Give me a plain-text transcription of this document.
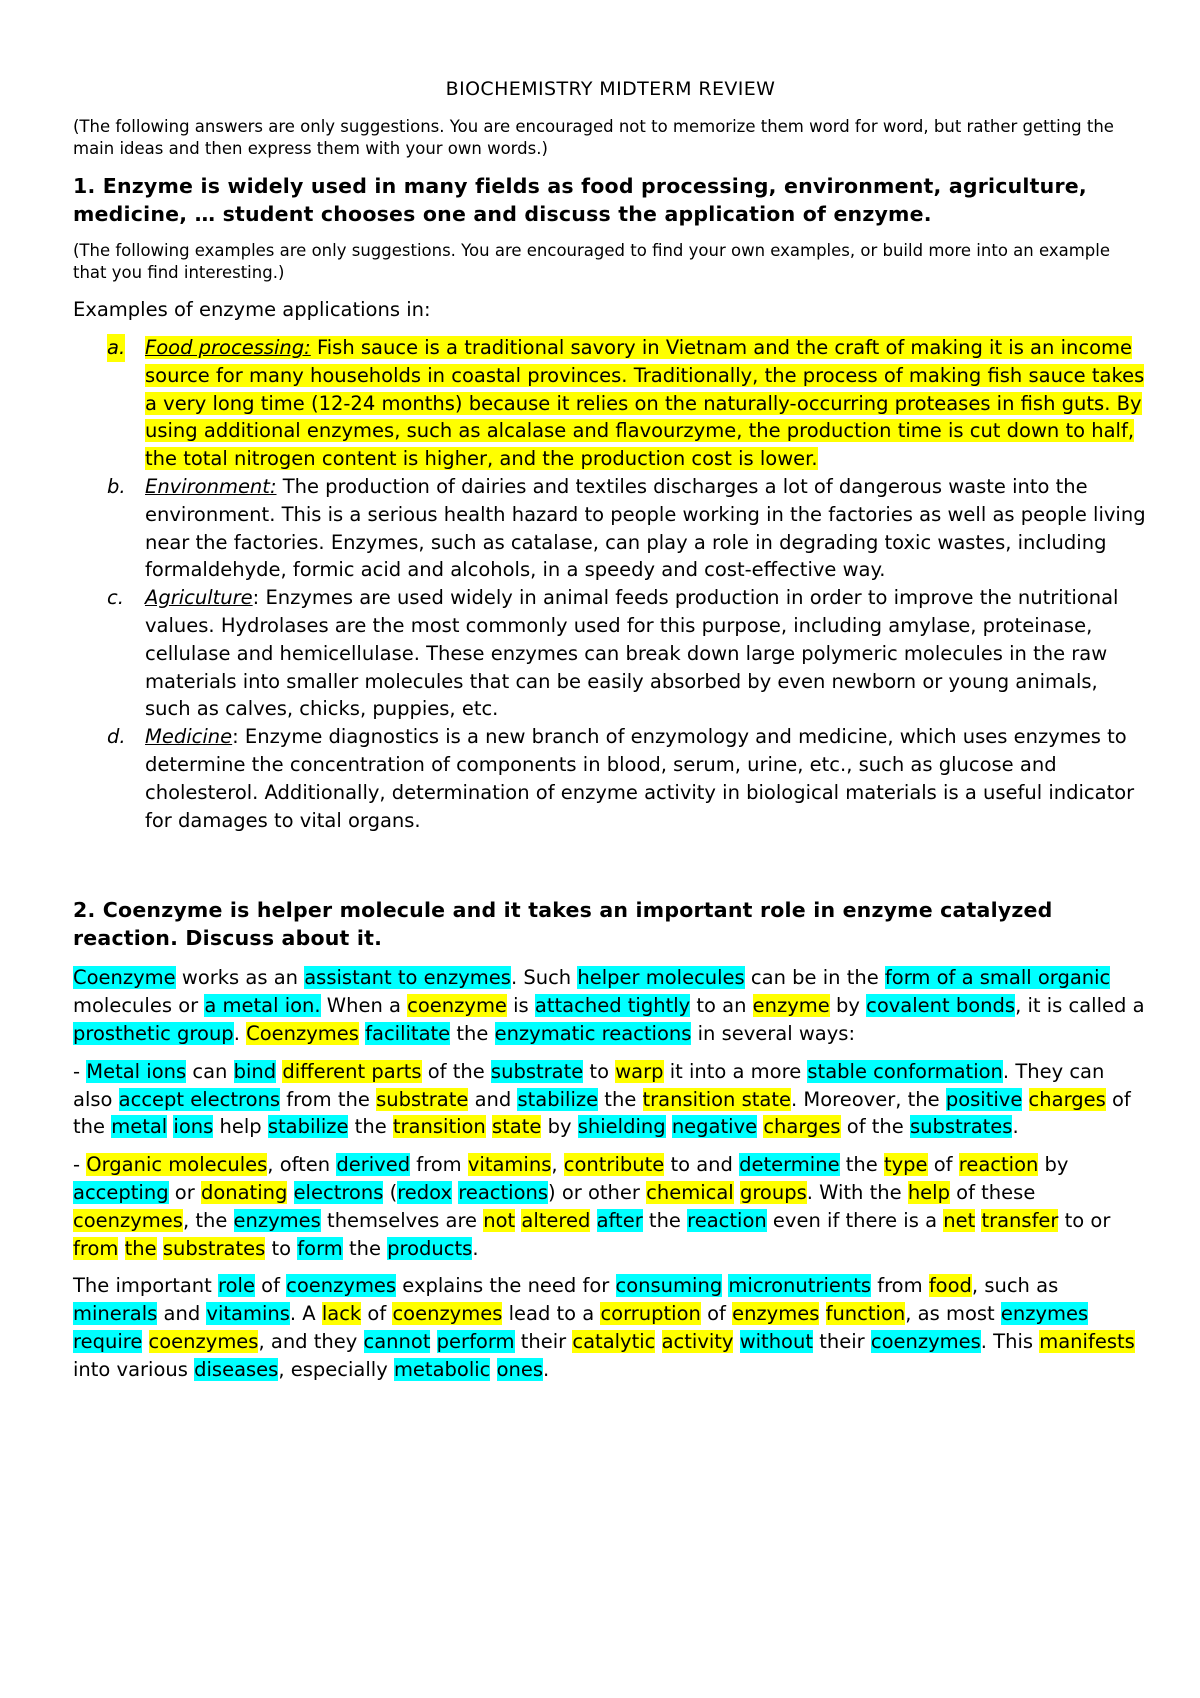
BIOCHEMISTRY MIDTERM REVIEW
(The following answers are only suggestions. You are encouraged not to memorize them word for word, but rather getting the main ideas and then express them with your own words.)
1. Enzyme is widely used in many fields as food processing, environment, agriculture, medicine, … student chooses one and discuss the application of enzyme.
(The following examples are only suggestions. You are encouraged to find your own examples, or build more into an example that you find interesting.)
Examples of enzyme applications in:
a. Food processing: Fish sauce is a traditional savory in Vietnam and the craft of making it is an income source for many households in coastal provinces. Traditionally, the process of making fish sauce takes a very long time (12-24 months) because it relies on the naturally-occurring proteases in fish guts. By using additional enzymes, such as alcalase and flavourzyme, the production time is cut down to half, the total nitrogen content is higher, and the production cost is lower.
b. Environment: The production of dairies and textiles discharges a lot of dangerous waste into the environment. This is a serious health hazard to people working in the factories as well as people living near the factories. Enzymes, such as catalase, can play a role in degrading toxic wastes, including formaldehyde, formic acid and alcohols, in a speedy and cost-effective way.
c. Agriculture: Enzymes are used widely in animal feeds production in order to improve the nutritional values. Hydrolases are the most commonly used for this purpose, including amylase, proteinase, cellulase and hemicellulase. These enzymes can break down large polymeric molecules in the raw materials into smaller molecules that can be easily absorbed by even newborn or young animals, such as calves, chicks, puppies, etc.
d. Medicine: Enzyme diagnostics is a new branch of enzymology and medicine, which uses enzymes to determine the concentration of components in blood, serum, urine, etc., such as glucose and cholesterol. Additionally, determination of enzyme activity in biological materials is a useful indicator for damages to vital organs.
2. Coenzyme is helper molecule and it takes an important role in enzyme catalyzed reaction. Discuss about it.
Coenzyme works as an assistant to enzymes. Such helper molecules can be in the form of a small organic molecules or a metal ion. When a coenzyme is attached tightly to an enzyme by covalent bonds, it is called a prosthetic group. Coenzymes facilitate the enzymatic reactions in several ways:
- Metal ions can bind different parts of the substrate to warp it into a more stable conformation. They can also accept electrons from the substrate and stabilize the transition state. Moreover, the positive charges of the metal ions help stabilize the transition state by shielding negative charges of the substrates.
- Organic molecules, often derived from vitamins, contribute to and determine the type of reaction by accepting or donating electrons (redox reactions) or other chemical groups. With the help of these coenzymes, the enzymes themselves are not altered after the reaction even if there is a net transfer to or from the substrates to form the products.
The important role of coenzymes explains the need for consuming micronutrients from food, such as minerals and vitamins. A lack of coenzymes lead to a corruption of enzymes function, as most enzymes require coenzymes, and they cannot perform their catalytic activity without their coenzymes. This manifests into various diseases, especially metabolic ones.
